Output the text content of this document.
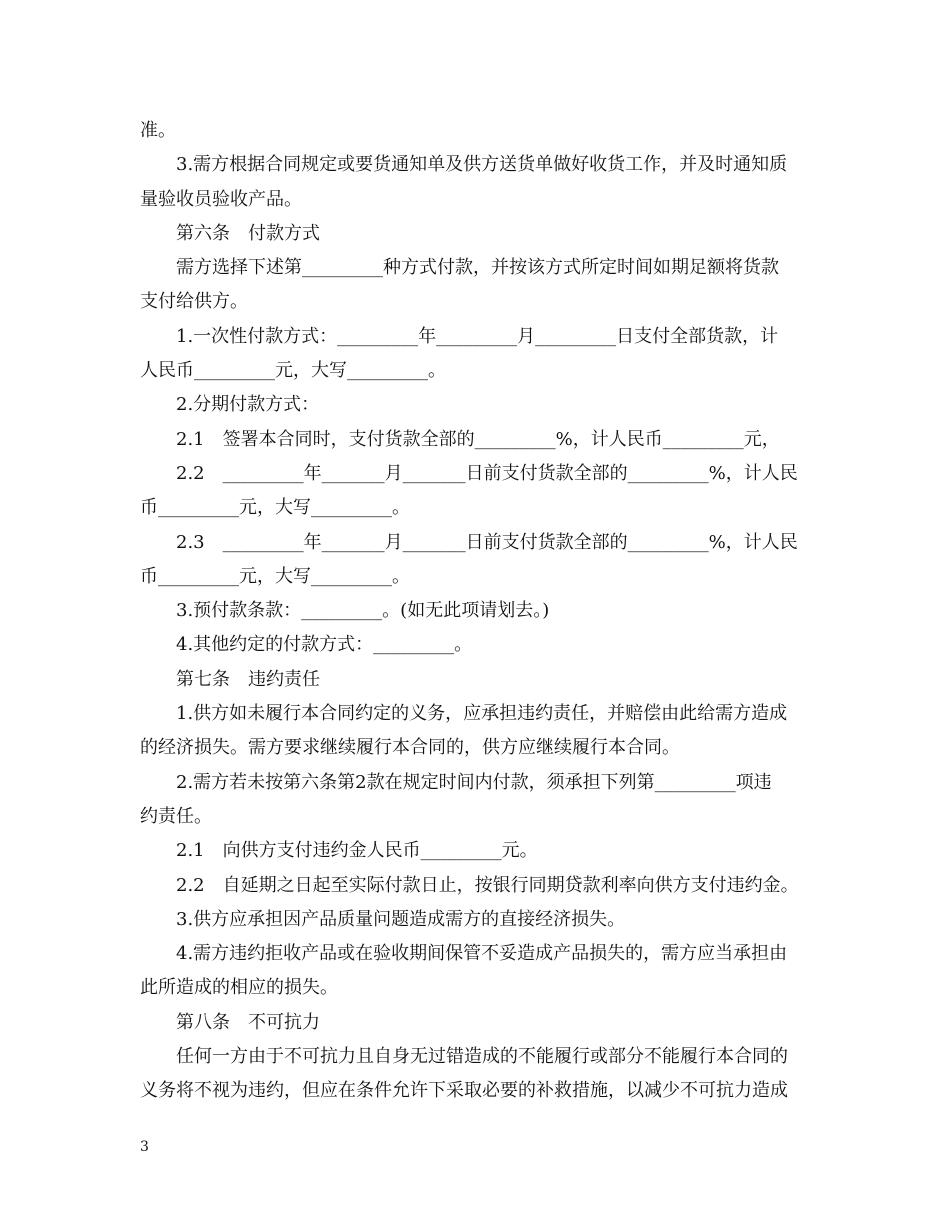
准。
3.需方根据合同规定或要货通知单及供方送货单做好收货工作，并及时通知质
量验收员验收产品。
第六条　付款方式
需方选择下述第_________种方式付款，并按该方式所定时间如期足额将货款
支付给供方。
1.一次性付款方式：_________年_________月_________日支付全部货款，计
人民币_________元，大写_________。
2.分期付款方式：
2.1　签署本合同时，支付货款全部的_________%，计人民币_________元，
2.2　_________年_______月_______日前支付货款全部的_________%，计人民
币_________元，大写_________。
2.3　_________年_______月_______日前支付货款全部的_________%，计人民
币_________元，大写_________。
3.预付款条款：_________。(如无此项请划去。)
4.其他约定的付款方式：_________。
第七条　违约责任
1.供方如未履行本合同约定的义务，应承担违约责任，并赔偿由此给需方造成
的经济损失。需方要求继续履行本合同的，供方应继续履行本合同。
2.需方若未按第六条第2款在规定时间内付款，须承担下列第_________项违
约责任。
2.1　向供方支付违约金人民币_________元。
2.2　自延期之日起至实际付款日止，按银行同期贷款利率向供方支付违约金。
3.供方应承担因产品质量问题造成需方的直接经济损失。
4.需方违约拒收产品或在验收期间保管不妥造成产品损失的，需方应当承担由
此所造成的相应的损失。
第八条　不可抗力
任何一方由于不可抗力且自身无过错造成的不能履行或部分不能履行本合同的
义务将不视为违约，但应在条件允许下采取必要的补救措施，以减少不可抗力造成
3
